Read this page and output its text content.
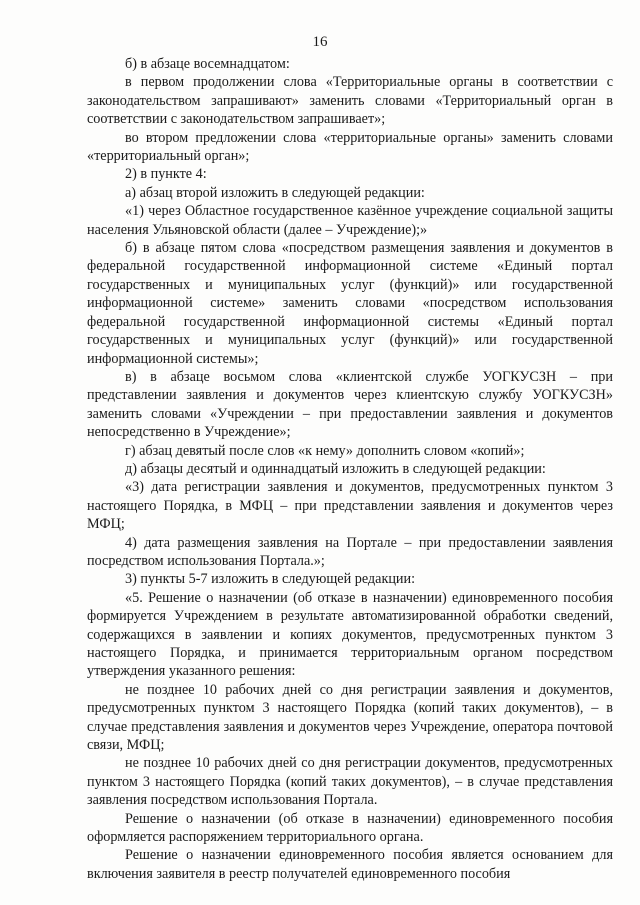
16

б) в абзаце восемнадцатом:

в первом продолжении слова «Территориальные органы в соответствии с законодательством запрашивают» заменить словами «Территориальный орган в соответствии с законодательством запрашивает»;

во втором предложении слова «территориальные органы» заменить словами «территориальный орган»;

2) в пункте 4:

а) абзац второй изложить в следующей редакции:

«1) через Областное государственное казённое учреждение социальной защиты населения Ульяновской области (далее – Учреждение);»

б) в абзаце пятом слова «посредством размещения заявления и документов в федеральной государственной информационной системе «Единый портал государственных и муниципальных услуг (функций)» или государственной информационной системе» заменить словами «посредством использования федеральной государственной информационной системы «Единый портал государственных и муниципальных услуг (функций)» или государственной информационной системы»;

в) в абзаце восьмом слова «клиентской службе УОГКУСЗН – при представлении заявления и документов через клиентскую службу УОГКУСЗН» заменить словами «Учреждении – при предоставлении заявления и документов непосредственно в Учреждение»;

г) абзац девятый после слов «к нему» дополнить словом «копий»;

д) абзацы десятый и одиннадцатый изложить в следующей редакции:

«3) дата регистрации заявления и документов, предусмотренных пунктом 3 настоящего Порядка, в МФЦ – при представлении заявления и документов через МФЦ;

4) дата размещения заявления на Портале – при предоставлении заявления посредством использования Портала.»;

3) пункты 5-7 изложить в следующей редакции:

«5. Решение о назначении (об отказе в назначении) единовременного пособия формируется Учреждением в результате автоматизированной обработки сведений, содержащихся в заявлении и копиях документов, предусмотренных пунктом 3 настоящего Порядка, и принимается территориальным органом посредством утверждения указанного решения:

не позднее 10 рабочих дней со дня регистрации заявления и документов, предусмотренных пунктом 3 настоящего Порядка (копий таких документов), – в случае представления заявления и документов через Учреждение, оператора почтовой связи, МФЦ;

не позднее 10 рабочих дней со дня регистрации документов, предусмотренных пунктом 3 настоящего Порядка (копий таких документов), – в случае представления заявления посредством использования Портала.

Решение о назначении (об отказе в назначении) единовременного пособия оформляется распоряжением территориального органа.

Решение о назначении единовременного пособия является основанием для включения заявителя в реестр получателей единовременного пособия
